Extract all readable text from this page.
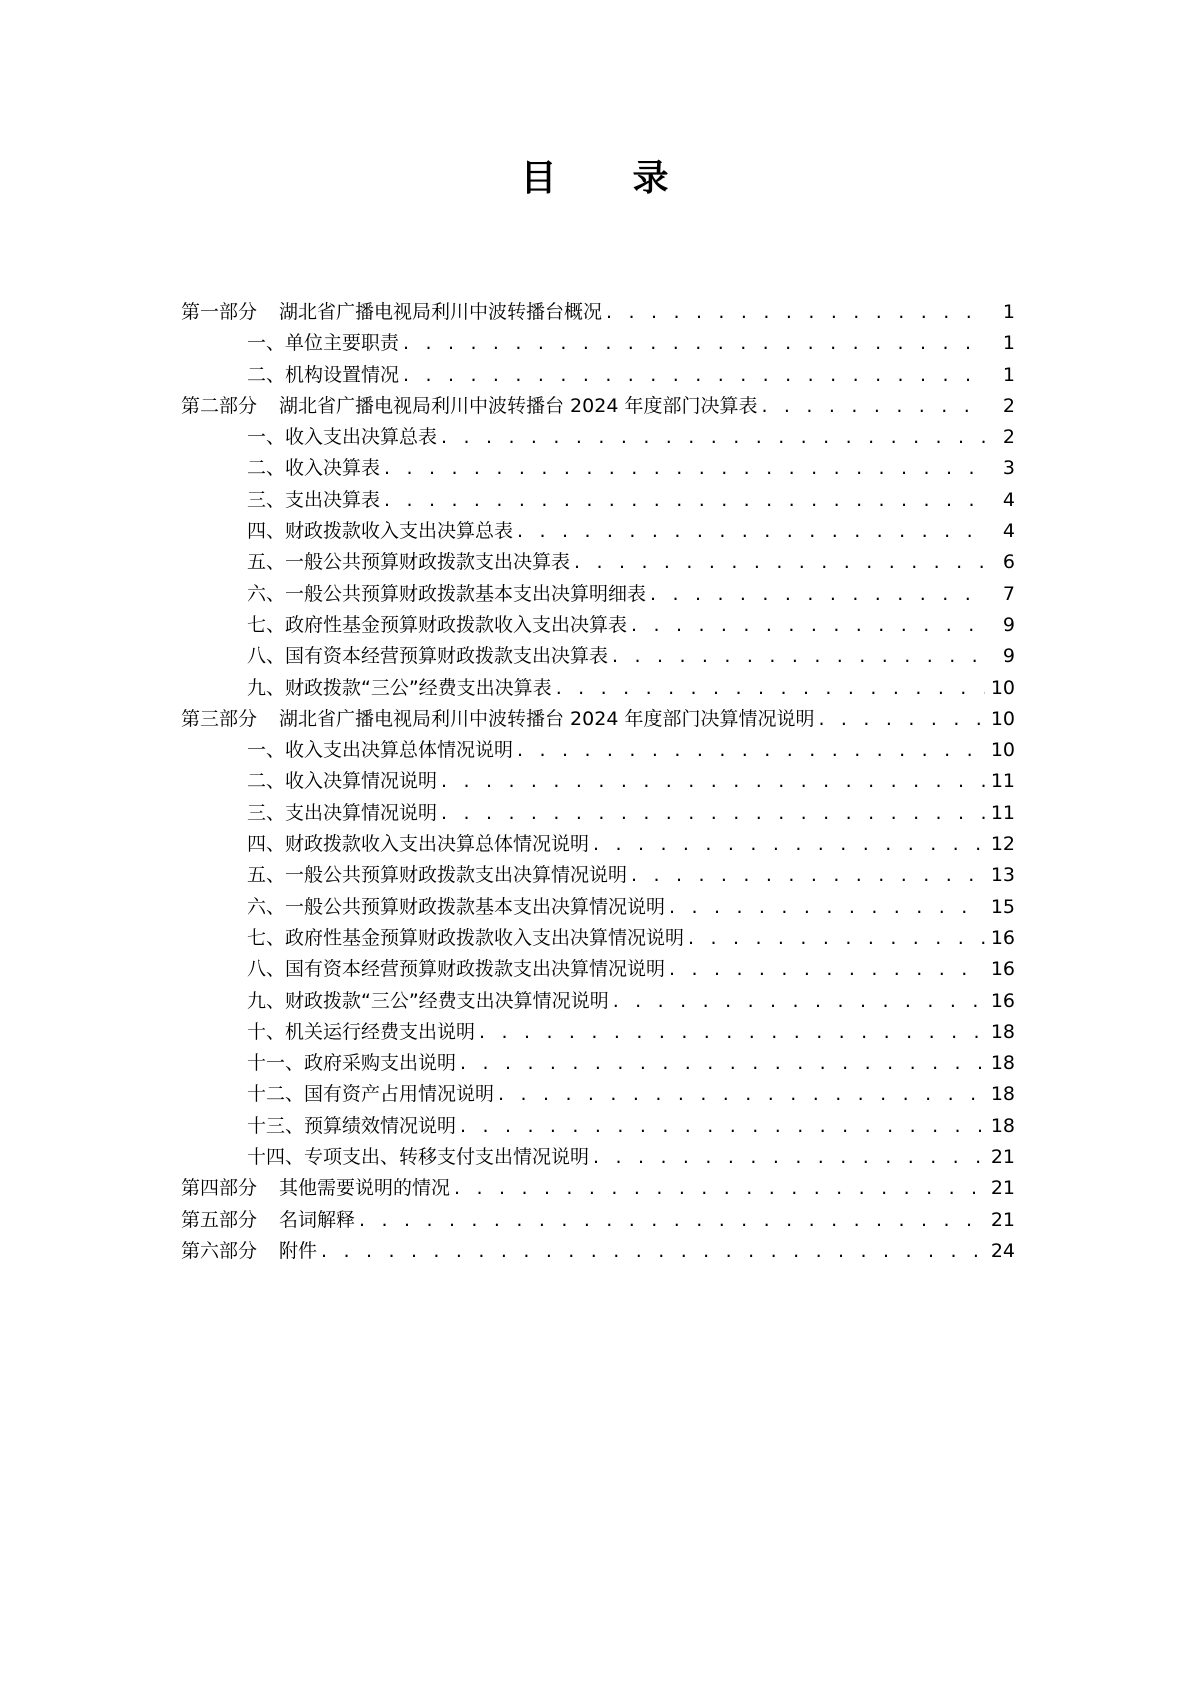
目 录
第一部分 湖北省广播电视局利川中波转播台概况 . . .	1
一、单位主要职责 . . .	1
二、机构设置情况 . . .	1
第二部分 湖北省广播电视局利川中波转播台 2024 年度部门决算表 . . .	2
一、收入支出决算总表 . . .	2
二、收入决算表 . . .	3
三、支出决算表 . . .	4
四、财政拨款收入支出决算总表 . . .	4
五、一般公共预算财政拨款支出决算表 . . .	6
六、一般公共预算财政拨款基本支出决算明细表 . . .	7
七、政府性基金预算财政拨款收入支出决算表 . . .	9
八、国有资本经营预算财政拨款支出决算表 . . .	9
九、财政拨款“三公”经费支出决算表 . . .	10
第三部分 湖北省广播电视局利川中波转播台 2024 年度部门决算情况说明 . . .	10
一、收入支出决算总体情况说明 . . .	10
二、收入决算情况说明 . . .	11
三、支出决算情况说明 . . .	11
四、财政拨款收入支出决算总体情况说明 . . .	12
五、一般公共预算财政拨款支出决算情况说明 . . .	13
六、一般公共预算财政拨款基本支出决算情况说明 . . .	15
七、政府性基金预算财政拨款收入支出决算情况说明 . . .	16
八、国有资本经营预算财政拨款支出决算情况说明 . . .	16
九、财政拨款“三公”经费支出决算情况说明 . . .	16
十、机关运行经费支出说明 . . .	18
十一、政府采购支出说明 . . .	18
十二、国有资产占用情况说明 . . .	18
十三、预算绩效情况说明 . . .	18
十四、专项支出、转移支付支出情况说明 . . .	21
第四部分 其他需要说明的情况 . . .	21
第五部分 名词解释 . . .	21
第六部分 附件 . . .	24
